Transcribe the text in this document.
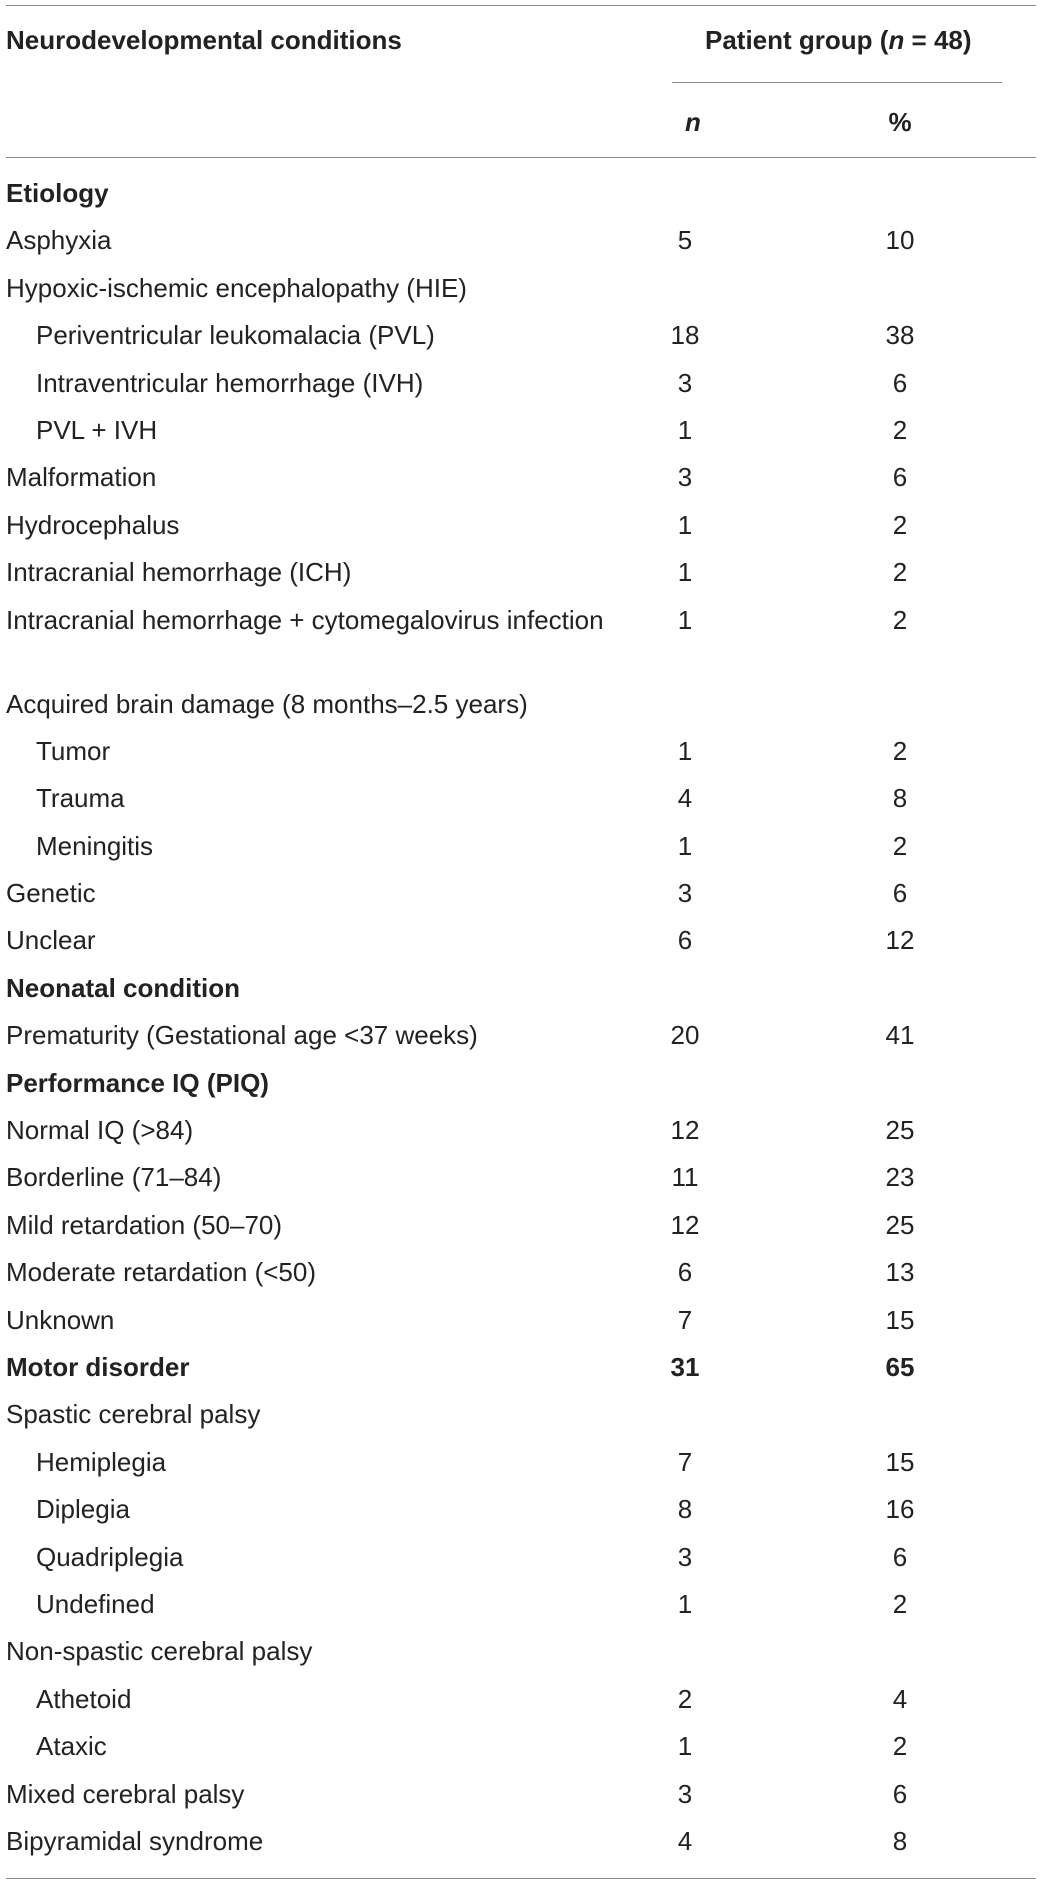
Neurodevelopmental conditions	Patient group (n = 48)
n	%
Etiology
Asphyxia	5	10
Hypoxic-ischemic encephalopathy (HIE)
Periventricular leukomalacia (PVL)	18	38
Intraventricular hemorrhage (IVH)	3	6
PVL + IVH	1	2
Malformation	3	6
Hydrocephalus	1	2
Intracranial hemorrhage (ICH)	1	2
Intracranial hemorrhage + cytomegalovirus infection	1	2
Acquired brain damage (8 months–2.5 years)
Tumor	1	2
Trauma	4	8
Meningitis	1	2
Genetic	3	6
Unclear	6	12
Neonatal condition
Prematurity (Gestational age <37 weeks)	20	41
Performance IQ (PIQ)
Normal IQ (>84)	12	25
Borderline (71–84)	11	23
Mild retardation (50–70)	12	25
Moderate retardation (<50)	6	13
Unknown	7	15
Motor disorder	31	65
Spastic cerebral palsy
Hemiplegia	7	15
Diplegia	8	16
Quadriplegia	3	6
Undefined	1	2
Non-spastic cerebral palsy
Athetoid	2	4
Ataxic	1	2
Mixed cerebral palsy	3	6
Bipyramidal syndrome	4	8
